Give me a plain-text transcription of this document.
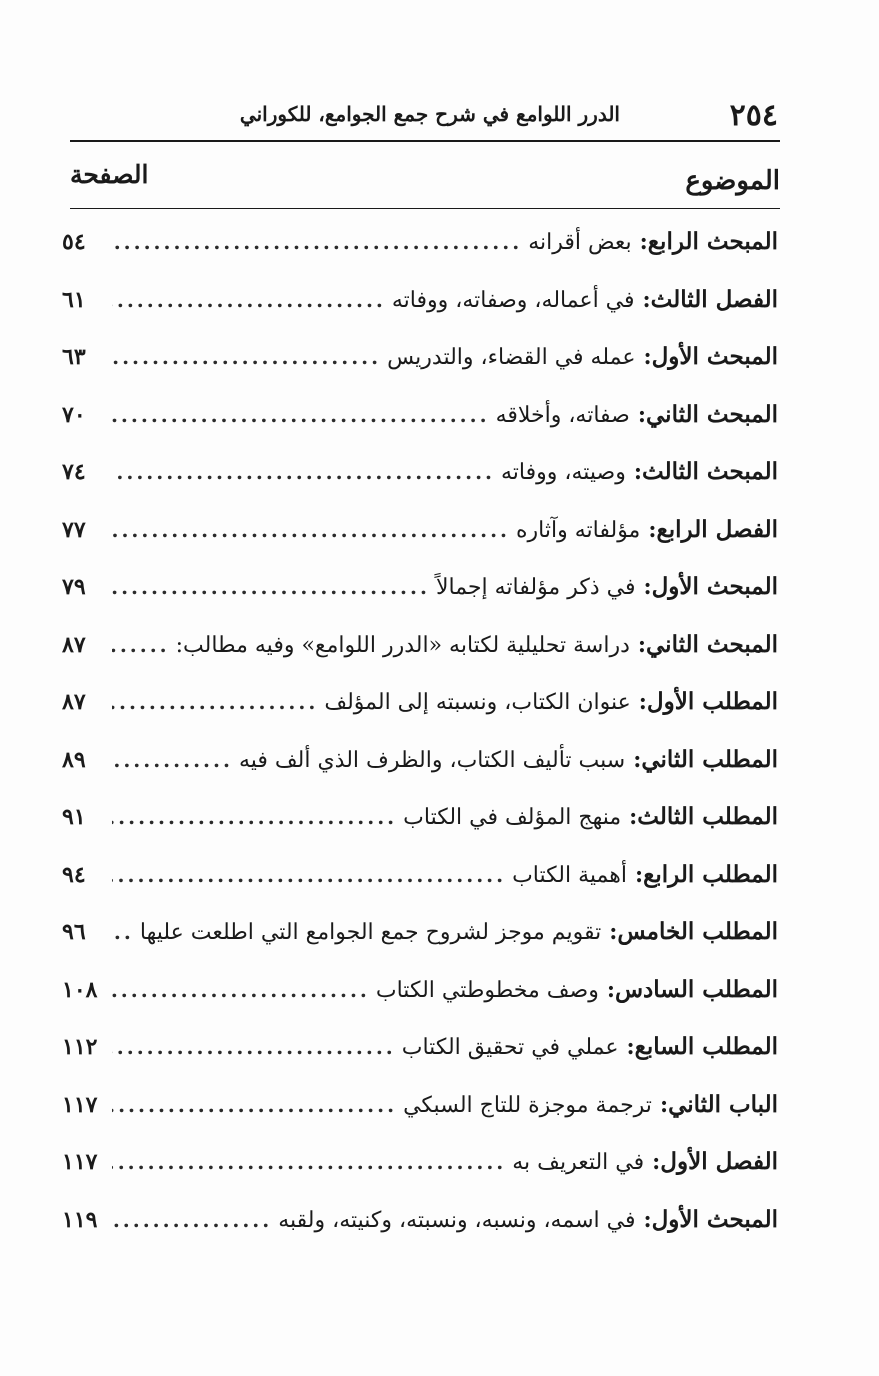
٢٥٤
الدرر اللوامع في شرح جمع الجوامع، للكوراني
الموضوع
الصفحة
المبحث الرابع
:
بعض أقرانه
.....
٥٤
الفصل الثالث
:
في أعماله، وصفاته، ووفاته
.....
٦١
المبحث الأول
:
عمله في القضاء، والتدريس
.....
٦٣
المبحث الثاني
:
صفاته، وأخلاقه
.....
٧٠
المبحث الثالث
:
وصيته، ووفاته
.....
٧٤
الفصل الرابع
:
مؤلفاته وآثاره
.....
٧٧
المبحث الأول
:
في ذكر مؤلفاته إجمالاً
.....
٧٩
المبحث الثاني
:
دراسة تحليلية لكتابه «الدرر اللوامع» وفيه مطالب:
.....
٨٧
المطلب الأول
:
عنوان الكتاب، ونسبته إلى المؤلف
.....
٨٧
المطلب الثاني
:
سبب تأليف الكتاب، والظرف الذي ألف فيه
.....
٨٩
المطلب الثالث
:
منهج المؤلف في الكتاب
.....
٩١
المطلب الرابع
:
أهمية الكتاب
.....
٩٤
المطلب الخامس
:
تقويم موجز لشروح جمع الجوامع التي اطلعت عليها
.....
٩٦
المطلب السادس
:
وصف مخطوطتي الكتاب
.....
١٠٨
المطلب السابع
:
عملي في تحقيق الكتاب
.....
١١٢
الباب الثاني
:
ترجمة موجزة للتاج السبكي
.....
١١٧
الفصل الأول
:
في التعريف به
.....
١١٧
المبحث الأول
:
في اسمه، ونسبه، ونسبته، وكنيته، ولقبه
.....
١١٩
